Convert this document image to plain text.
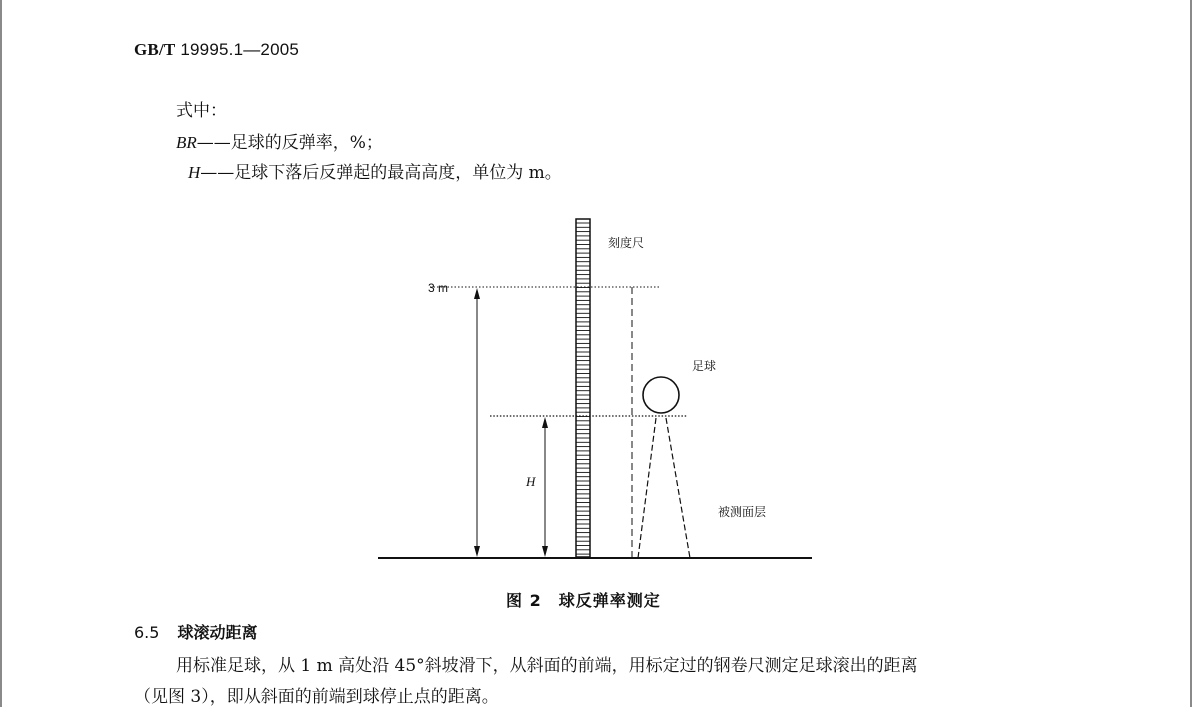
GB/T 19995.1—2005
式中：
BR——足球的反弹率，%；
H——足球下落后反弹起的最高高度，单位为 m。
刻度尺
3 m
足球
H
被测面层
图 2　球反弹率测定
6.5 球滚动距离
用标准足球，从 1 m 高处沿 45°斜坡滑下，从斜面的前端，用标定过的钢卷尺测定足球滚出的距离
（见图 3），即从斜面的前端到球停止点的距离。
